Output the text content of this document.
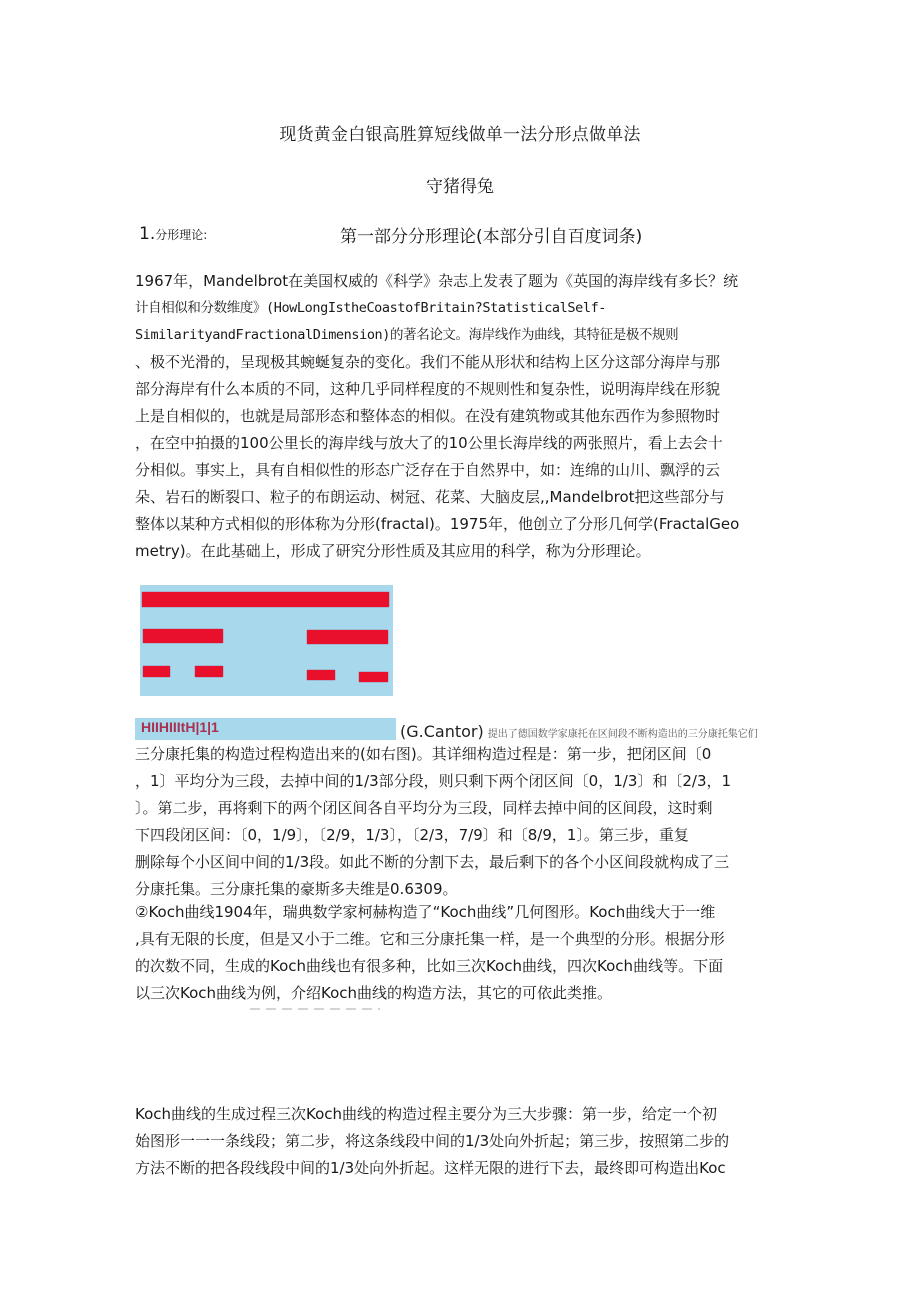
现货黄金白银高胜算短线做单一法分形点做单法
守猪得兔
1.分形理论:	第一部分分形理论(本部分引自百度词条)
1967年，Mandelbrot在美国权威的《科学》杂志上发表了题为《英国的海岸线有多长？统
计自相似和分数维度》(HowLongIstheCoastofBritain?StatisticalSelf-
SimilarityandFractionalDimension)的著名论文。海岸线作为曲线，其特征是极不规则
、极不光滑的，呈现极其蜿蜒复杂的变化。我们不能从形状和结构上区分这部分海岸与那
部分海岸有什么本质的不同，这种几乎同样程度的不规则性和复杂性，说明海岸线在形貌
上是自相似的，也就是局部形态和整体态的相似。在没有建筑物或其他东西作为参照物时
，在空中拍摄的100公里长的海岸线与放大了的10公里长海岸线的两张照片，看上去会十
分相似。事实上，具有自相似性的形态广泛存在于自然界中，如：连绵的山川、飘浮的云
朵、岩石的断裂口、粒子的布朗运动、树冠、花菜、大脑皮层,,Mandelbrot把这些部分与
整体以某种方式相似的形体称为分形(fractal)。1975年，他创立了分形几何学(FractalGeo
metry)。在此基础上，形成了研究分形性质及其应用的科学，称为分形理论。
HIIHIIItH|1|1	(G.Cantor) 提出了德国数学家康托在区间段不断构造出的三分康托集它们
三分康托集的构造过程构造出来的(如右图)。其详细构造过程是：第一步，把闭区间〔0
，1〕平均分为三段，去掉中间的1/3部分段，则只剩下两个闭区间〔0，1/3〕和〔2/3，1
〕。第二步，再将剩下的两个闭区间各自平均分为三段，同样去掉中间的区间段，这时剩
下四段闭区间：〔0，1/9〕，〔2/9，1/3〕，〔2/3，7/9〕和〔8/9，1〕。第三步，重复
删除每个小区间中间的1/3段。如此不断的分割下去，最后剩下的各个小区间段就构成了三
分康托集。三分康托集的豪斯多夫维是0.6309。
②Koch曲线1904年，瑞典数学家柯赫构造了“Koch曲线”几何图形。Koch曲线大于一维
,具有无限的长度，但是又小于二维。它和三分康托集一样，是一个典型的分形。根据分形
的次数不同，生成的Koch曲线也有很多种，比如三次Koch曲线，四次Koch曲线等。下面
以三次Koch曲线为例，介绍Koch曲线的构造方法，其它的可依此类推。
Koch曲线的生成过程三次Koch曲线的构造过程主要分为三大步骤：第一步，给定一个初
始图形一一一条线段；第二步，将这条线段中间的1/3处向外折起；第三步，按照第二步的
方法不断的把各段线段中间的1/3处向外折起。这样无限的进行下去，最终即可构造出Koc
